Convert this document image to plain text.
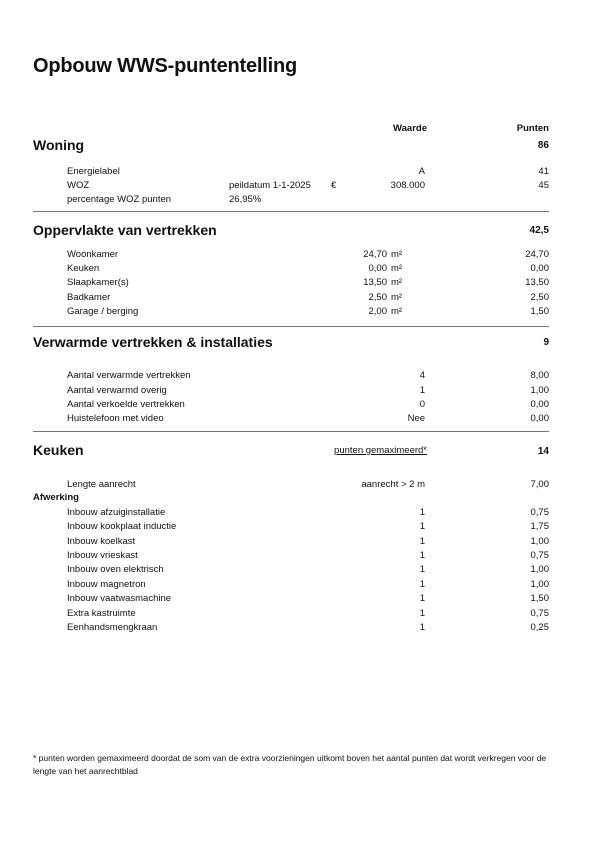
Opbouw WWS-puntentelling
Waarde	Punten
Woning	86
Energielabel	A	41
WOZ	peildatum 1-1-2025 €	308.000	45
percentage WOZ punten	26,95%
Oppervlakte van vertrekken	42,5
Woonkamer	24,70 m²	24,70
Keuken	0,00 m²	0,00
Slaapkamer(s)	13,50 m²	13,50
Badkamer	2,50 m²	2,50
Garage / berging	2,00 m²	1,50
Verwarmde vertrekken & installaties	9
Aantal verwarmde vertrekken	4	8,00
Aantal verwarmd overig	1	1,00
Aantal verkoelde vertrekken	0	0,00
Huistelefoon met video	Nee	0,00
Keuken	punten gemaximeerd*	14
Lengte aanrecht	aanrecht > 2 m	7,00
Afwerking
Inbouw afzuiginstallatie	1	0,75
Inbouw kookplaat inductie	1	1,75
Inbouw koelkast	1	1,00
Inbouw vrieskast	1	0,75
Inbouw oven elektrisch	1	1,00
Inbouw magnetron	1	1,00
Inbouw vaatwasmachine	1	1,50
Extra kastruimte	1	0,75
Eenhandsmengkraan	1	0,25
* punten worden gemaximeerd doordat de som van de extra voorzieningen uitkomt boven het aantal punten dat wordt verkregen voor de lengte van het aanrechtblad
